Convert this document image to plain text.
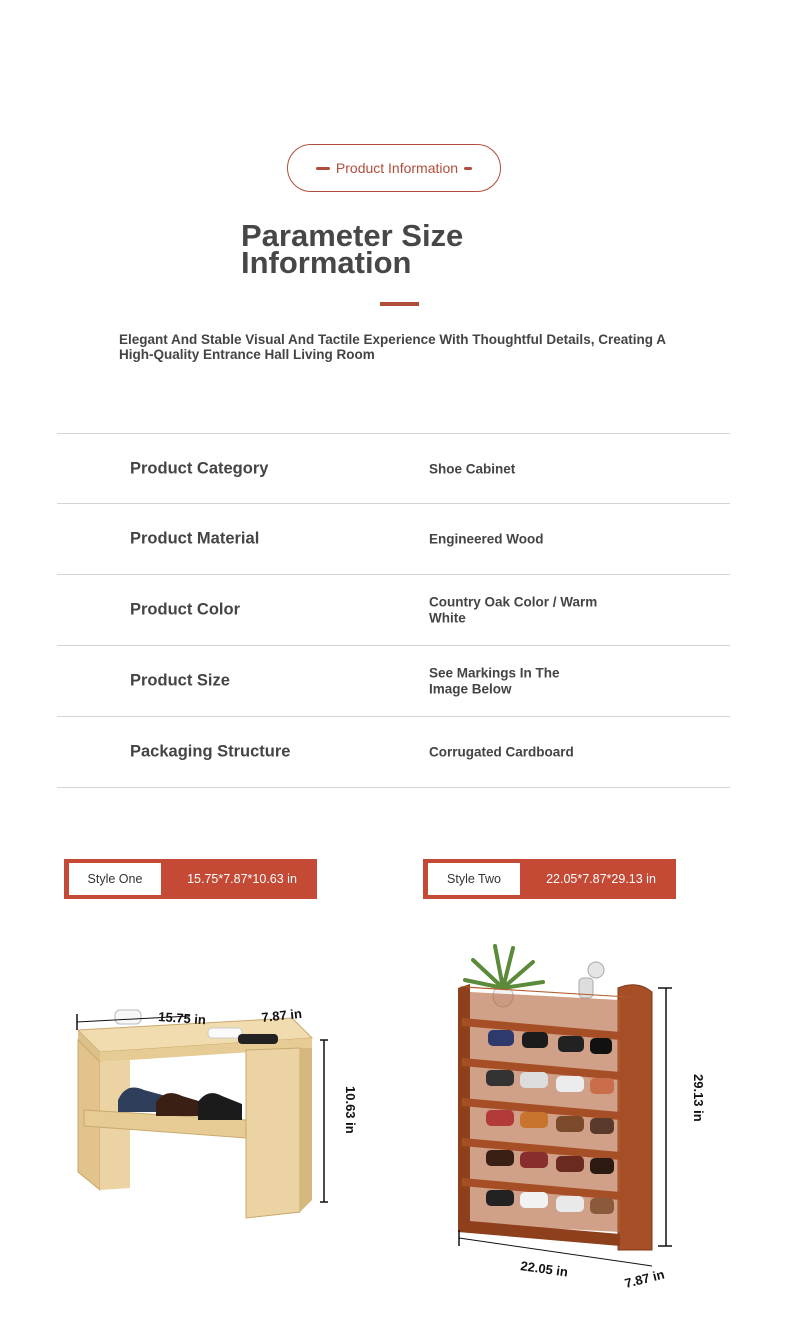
Product Information
Parameter Size Information

Elegant And Stable Visual And Tactile Experience With Thoughtful Details, Creating A High-Quality Entrance Hall Living Room

Product Category	Shoe Cabinet
Product Material	Engineered Wood
Product Color	Country Oak Color / Warm White
Product Size	See Markings In The Image Below
Packaging Structure	Corrugated Cardboard
Style One	15.75*7.87*10.63 in	Style Two	22.05*7.87*29.13 in
15.75 in	7.87 in
10.63 in	29.13 in
22.05 in	7.87 in
